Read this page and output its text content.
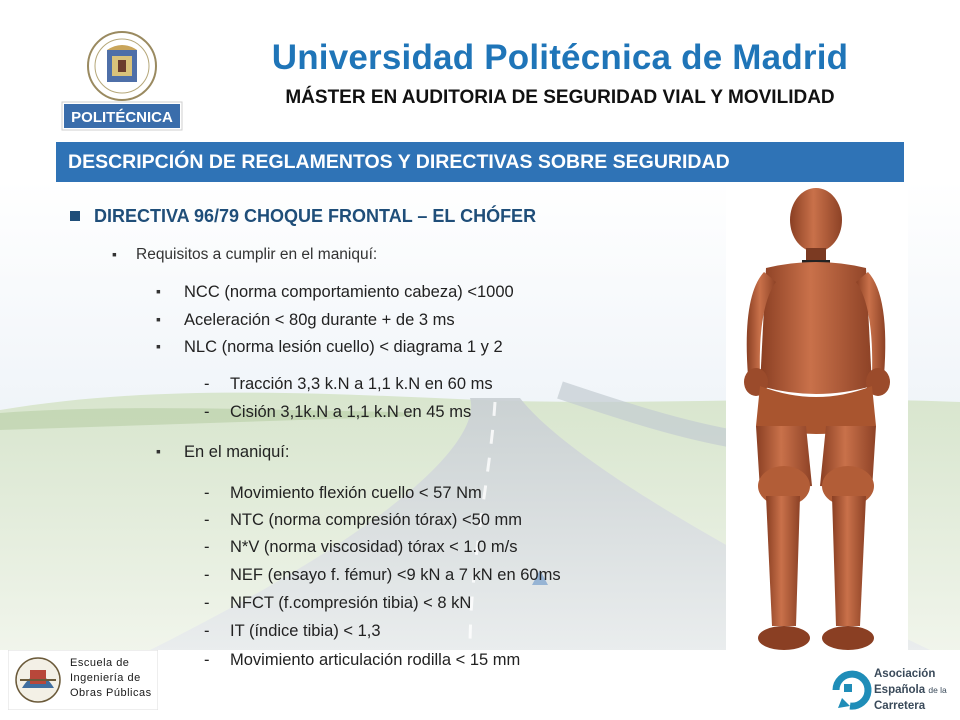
POLITÉCNICA
Universidad Politécnica de Madrid
MÁSTER EN AUDITORIA DE SEGURIDAD VIAL Y MOVILIDAD
DESCRIPCIÓN DE REGLAMENTOS Y DIRECTIVAS SOBRE SEGURIDAD
DIRECTIVA 96/79 CHOQUE FRONTAL – EL CHÓFER
▪ Requisitos a cumplir en el maniquí:
▪ NCC (norma comportamiento cabeza) <1000
▪ Aceleración < 80g durante + de 3 ms
▪ NLC (norma lesión cuello) < diagrama 1 y 2
- Tracción 3,3 k.N a 1,1 k.N en 60 ms
- Cisión 3,1k.N a 1,1 k.N en 45 ms
▪ En el maniquí:
- Movimiento flexión cuello < 57 Nm
- NTC (norma compresión tórax) <50 mm
- N*V (norma viscosidad) tórax < 1.0 m/s
- NEF (ensayo f. fémur) <9 kN a 7 kN en 60ms
- NFCT (f.compresión tibia) < 8 kN
- IT (índice tibia) < 1,3
- Movimiento articulación rodilla < 15 mm
Escuela de
Ingeniería de
Obras Públicas
Asociación
Española de la
Carretera
